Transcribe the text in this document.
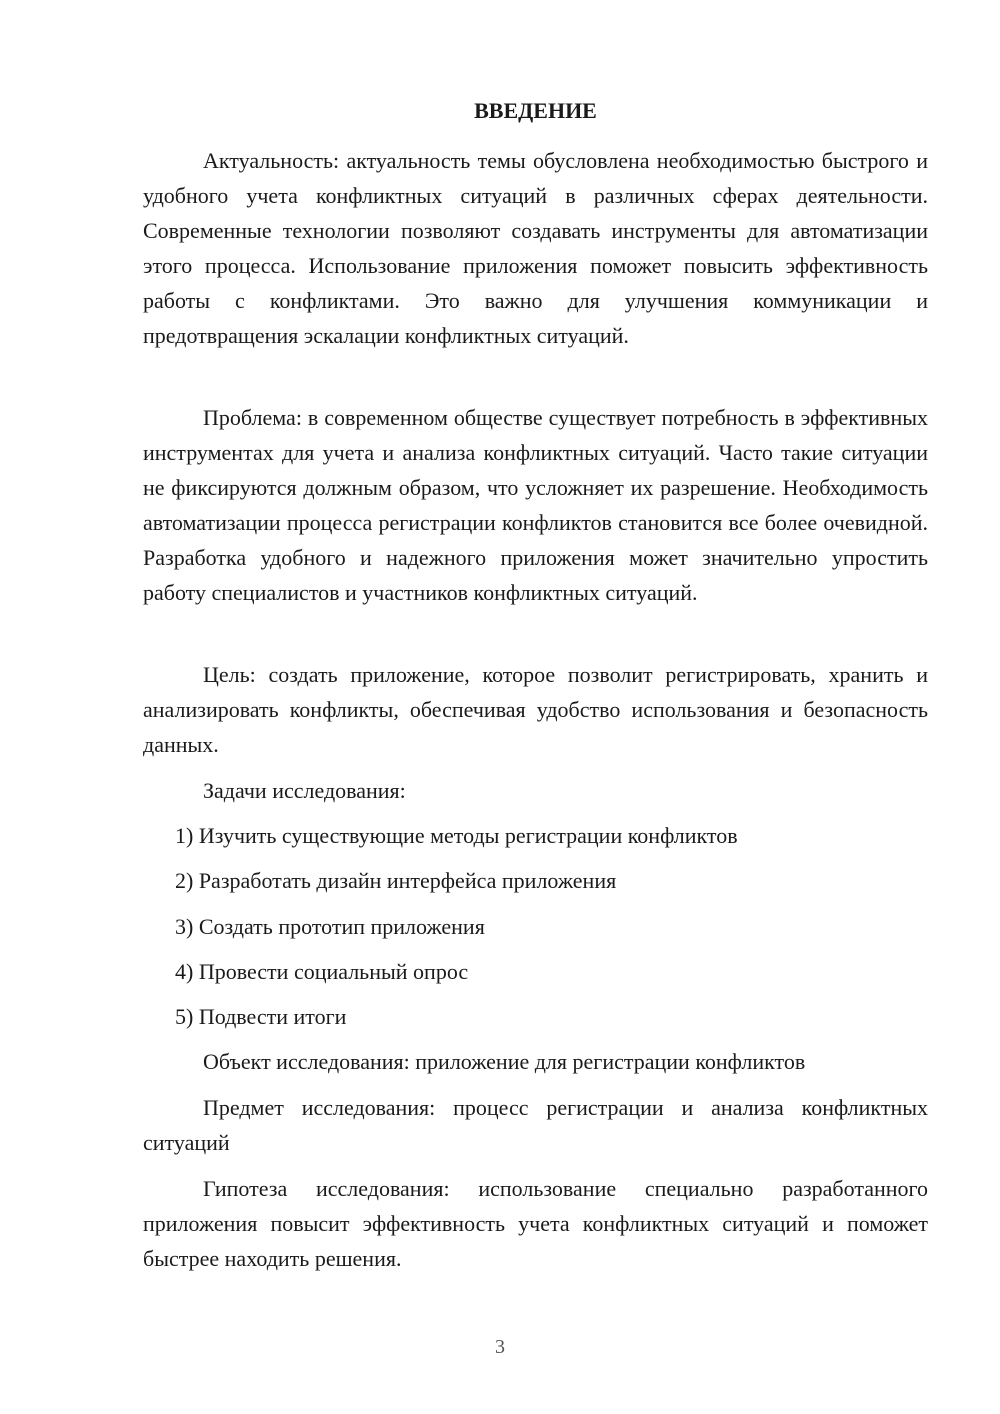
ВВЕДЕНИЕ

Актуальность: актуальность темы обусловлена необходимостью быстрого и удобного учета конфликтных ситуаций в различных сферах деятельности. Современные технологии позволяют создавать инструменты для автоматизации этого процесса. Использование приложения поможет повысить эффективность работы с конфликтами. Это важно для улучшения коммуникации и предотвращения эскалации конфликтных ситуаций.

Проблема: в современном обществе существует потребность в эффективных инструментах для учета и анализа конфликтных ситуаций. Часто такие ситуации не фиксируются должным образом, что усложняет их разрешение. Необходимость автоматизации процесса регистрации конфликтов становится все более очевидной. Разработка удобного и надежного приложения может значительно упростить работу специалистов и участников конфликтных ситуаций.

Цель: создать приложение, которое позволит регистрировать, хранить и анализировать конфликты, обеспечивая удобство использования и безопасность данных.

Задачи исследования:

1) Изучить существующие методы регистрации конфликтов

2) Разработать дизайн интерфейса приложения

3) Создать прототип приложения

4) Провести социальный опрос

5) Подвести итоги

Объект исследования: приложение для регистрации конфликтов

Предмет исследования: процесс регистрации и анализа конфликтных ситуаций

Гипотеза исследования: использование специально разработанного приложения повысит эффективность учета конфликтных ситуаций и поможет быстрее находить решения.

3
